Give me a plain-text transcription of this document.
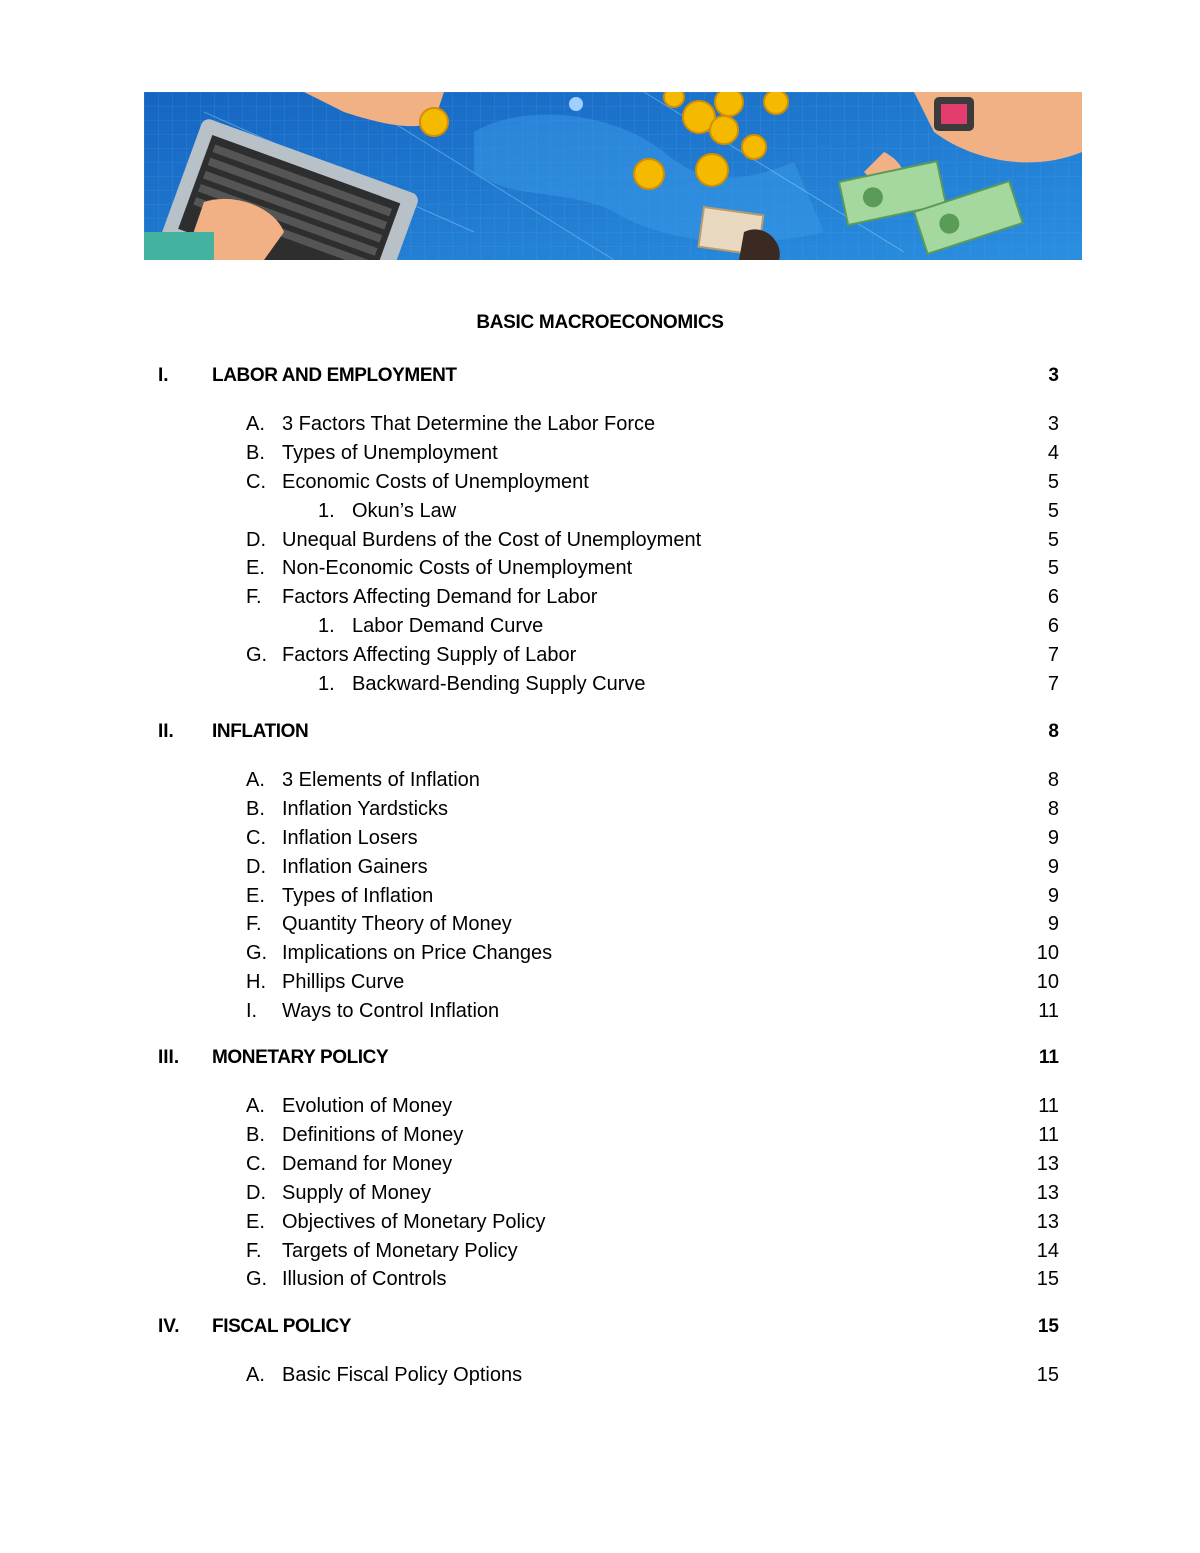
BASIC MACROECONOMICS
I.	LABOR AND EMPLOYMENT	3
A. 3 Factors That Determine the Labor Force	3
B. Types of Unemployment	4
C. Economic Costs of Unemployment	5
1. Okun’s Law	5
D. Unequal Burdens of the Cost of Unemployment	5
E. Non-Economic Costs of Unemployment	5
F. Factors Affecting Demand for Labor	6
1. Labor Demand Curve	6
G. Factors Affecting Supply of Labor	7
1. Backward-Bending Supply Curve	7
II.	INFLATION	8
A. 3 Elements of Inflation	8
B. Inflation Yardsticks	8
C. Inflation Losers	9
D. Inflation Gainers	9
E. Types of Inflation	9
F. Quantity Theory of Money	9
G. Implications on Price Changes	10
H. Phillips Curve	10
I. Ways to Control Inflation	11
III.	MONETARY POLICY	11
A. Evolution of Money	11
B. Definitions of Money	11
C. Demand for Money	13
D. Supply of Money	13
E. Objectives of Monetary Policy	13
F. Targets of Monetary Policy	14
G. Illusion of Controls	15
IV.	FISCAL POLICY	15
A. Basic Fiscal Policy Options	15
